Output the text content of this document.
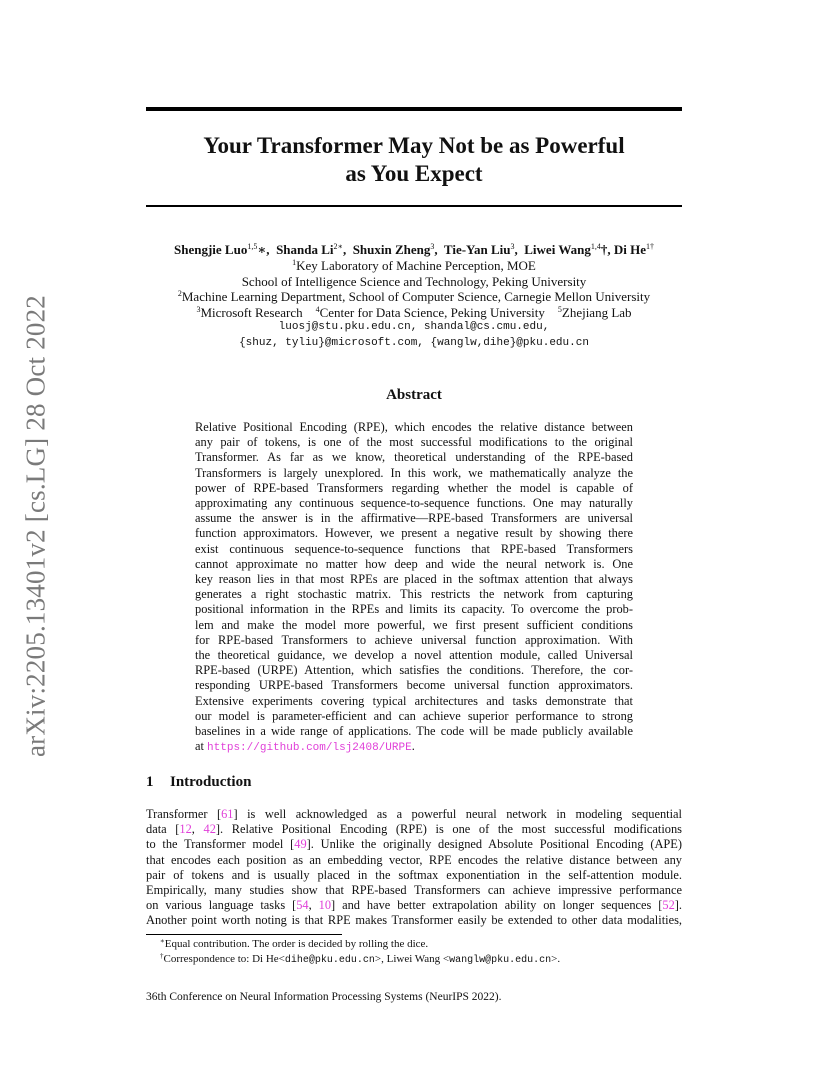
arXiv:2205.13401v2 [cs.LG] 28 Oct 2022
Your Transformer May Not be as Powerful
as You Expect
Shengjie Luo$^{1,5}$∗, Shanda $Li^{2∗}$, Shuxin Zheng$^3$, Tie-Yan Liu$^3$, Liwei Wang$^{1,4}$†, Di $He^{1\dagger}$
$^1$Key Laboratory of Machine Perception, MOE
School of Intelligence Science and Technology, Peking University
$^2$Machine Learning Department, School of Computer Science, Carnegie Mellon University
$^3$Microsoft Research $^4$Center for Data Science, Peking University $^5$Zhejiang Lab
luosj@stu.pku.edu.cn, shandal@cs.cmu.edu,
{shuz, tyliu}@microsoft.com, {wanglw,dihe}@pku.edu.cn
Abstract
Relative Positional Encoding (RPE), which encodes the relative distance between
any pair of tokens, is one of the most successful modifications to the original
Transformer. As far as we know, theoretical understanding of the RPE-based
Transformers is largely unexplored. In this work, we mathematically analyze the
power of RPE-based Transformers regarding whether the model is capable of
approximating any continuous sequence-to-sequence functions. One may naturally
assume the answer is in the affirmative—RPE-based Transformers are universal
function approximators. However, we present a negative result by showing there
exist continuous sequence-to-sequence functions that RPE-based Transformers
cannot approximate no matter how deep and wide the neural network is. One
key reason lies in that most RPEs are placed in the softmax attention that always
generates a right stochastic matrix. This restricts the network from capturing
positional information in the RPEs and limits its capacity. To overcome the prob-
lem and make the model more powerful, we first present sufficient conditions
for RPE-based Transformers to achieve universal function approximation. With
the theoretical guidance, we develop a novel attention module, called Universal
RPE-based (URPE) Attention, which satisfies the conditions. Therefore, the cor-
responding URPE-based Transformers become universal function approximators.
Extensive experiments covering typical architectures and tasks demonstrate that
our model is parameter-efficient and can achieve superior performance to strong
baselines in a wide range of applications. The code will be made publicly available
at https://github.com/lsj2408/URPE.
1 Introduction
Transformer [61] is well acknowledged as a powerful neural network in modeling sequential
data [12, 42]. Relative Positional Encoding (RPE) is one of the most successful modifications
to the Transformer model [49]. Unlike the originally designed Absolute Positional Encoding (APE)
that encodes each position as an embedding vector, RPE encodes the relative distance between any
pair of tokens and is usually placed in the softmax exponentiation in the self-attention module.
Empirically, many studies show that RPE-based Transformers can achieve impressive performance
on various language tasks [54, 10] and have better extrapolation ability on longer sequences [52].
Another point worth noting is that RPE makes Transformer easily be extended to other data modalities,
∗Equal contribution. The order is decided by rolling the dice.
†Correspondence to: Di He<dihe@pku.edu.cn>, Liwei Wang <wanglw@pku.edu.cn>.
36th Conference on Neural Information Processing Systems (NeurIPS 2022).
